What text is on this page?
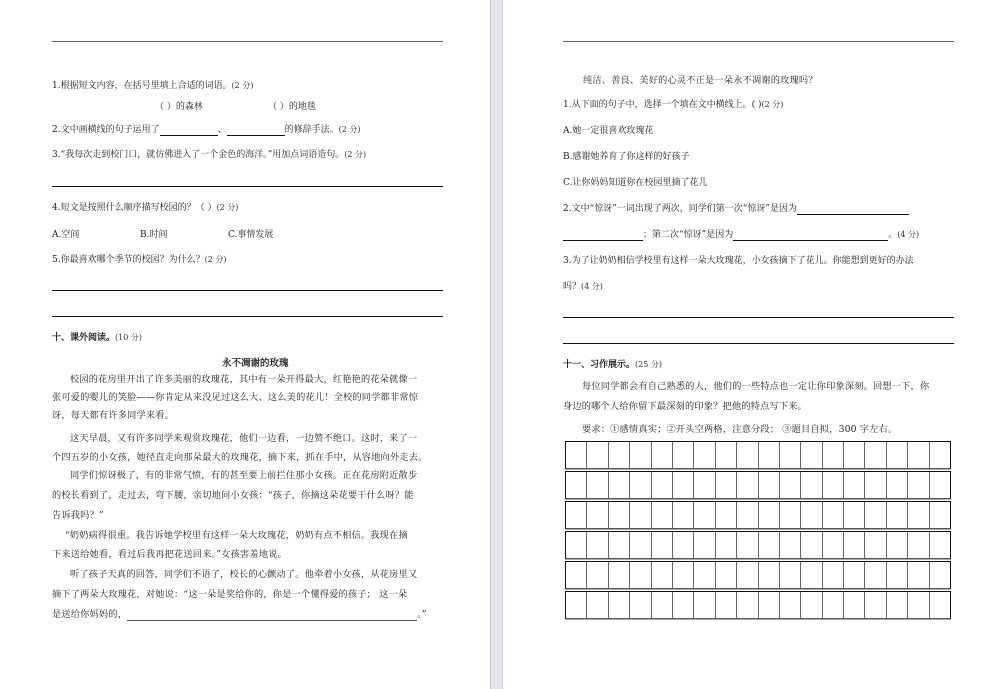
1.根据短文内容，在括号里填上合适的词语。(2 分)
（ ）的森林	（ ）的地毯
2.文中画横线的句子运用了	、	的修辞手法。(2 分)
3.“我每次走到校门口，就仿佛进入了一个金色的海洋。”用加点词语造句。(2 分)
4.短文是按照什么顺序描写校园的？（ ）(2 分)
A.空间	B.时间	C.事情发展
5.你最喜欢哪个季节的校园？为什么？(2 分)
十、课外阅读。(10 分)
永不凋谢的玫瑰
校园的花房里开出了许多美丽的玫瑰花，其中有一朵开得最大，红艳艳的花朵就像一
张可爱的婴儿的笑脸——你肯定从来没见过这么大、这么美的花儿！全校的同学都非常惊
讶，每天都有许多同学来看。
这天早晨，又有许多同学来观赏玫瑰花，他们一边看，一边赞不绝口。这时，来了一
个四五岁的小女孩，她径直走向那朵最大的玫瑰花，摘下来，抓在手中，从容地向外走去。
同学们惊讶极了，有的非常气愤，有的甚至要上前拦住那小女孩。正在花房附近散步
的校长看到了，走过去，弯下腰，亲切地问小女孩：“孩子，你摘这朵花要干什么呀？能
告诉我吗？”
“奶奶病得很重。我告诉她学校里有这样一朵大玫瑰花，奶奶有点不相信。我现在摘
下来送给她看，看过后我再把花送回来。”女孩害羞地说。
听了孩子天真的回答，同学们不语了，校长的心颤动了。他牵着小女孩，从花房里又
摘下了两朵大玫瑰花，对她说：“这一朵是奖给你的，你是一个懂得爱的孩子； 这一朵
是送给你妈妈的，	。”
纯洁、善良、美好的心灵不正是一朵永不凋谢的玫瑰吗？
1.从下面的句子中，选择一个填在文中横线上。( )(2 分)
A.她一定很喜欢玫瑰花
B.感谢她养育了你这样的好孩子
C.让你妈妈知道你在校园里摘了花儿
2.文中“惊讶”一词出现了两次，同学们第一次“惊讶”是因为
；第二次“惊讶”是因为	。(4 分)
3.为了让奶奶相信学校里有这样一朵大玫瑰花，小女孩摘下了花儿。你能想到更好的办法
吗？(4 分)
十一、习作展示。(25 分)
每位同学都会有自己熟悉的人，他们的一些特点也一定让你印象深刻。回想一下，你
身边的哪个人给你留下最深刻的印象？把他的特点写下来。
要求：①感情真实；②开头空两格，注意分段； ③题目自拟，300 字左右。
